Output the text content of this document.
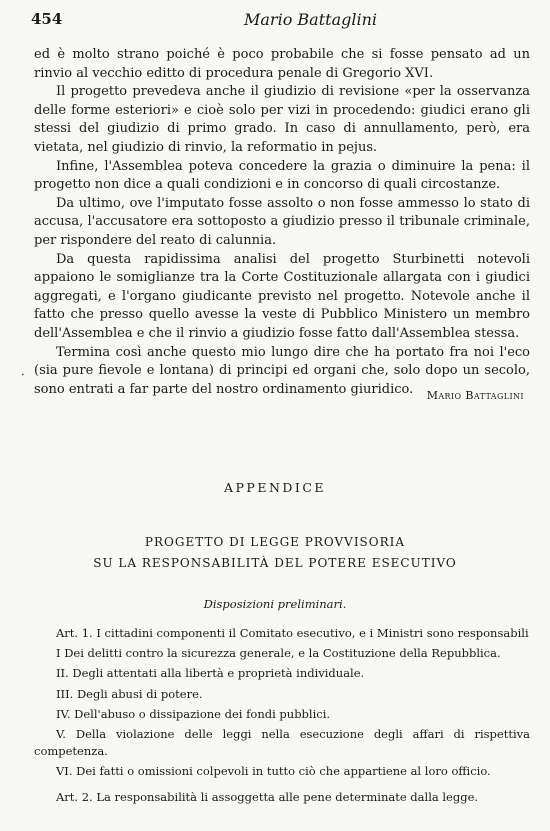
454	Mario Battaglini

ed è molto strano poiché è poco probabile che si fosse pensato ad un rinvio al vecchio editto di procedura penale di Gregorio XVI.

Il progetto prevedeva anche il giudizio di revisione «per la osservanza delle forme esteriori» e cioè solo per vizi in procedendo: giudici erano gli stessi del giudizio di primo grado. In caso di annullamento, però, era vietata, nel giudizio di rinvio, la reformatio in pejus.

Infine, l'Assemblea poteva concedere la grazia o diminuire la pena: il progetto non dice a quali condizioni e in concorso di quali circostanze.

Da ultimo, ove l'imputato fosse assolto o non fosse ammesso lo stato di accusa, l'accusatore era sottoposto a giudizio presso il tribunale criminale, per rispondere del reato di calunnia.

Da questa rapidissima analisi del progetto Sturbinetti notevoli appaiono le somiglianze tra la Corte Costituzionale allargata con i giudici aggregati, e l'organo giudicante previsto nel progetto. Notevole anche il fatto che presso quello avesse la veste di Pubblico Ministero un membro dell'Assemblea e che il rinvio a giudizio fosse fatto dall'Assemblea stessa.

Termina così anche questo mio lungo dire che ha portato fra noi l'eco (sia pure fievole e lontana) di principi ed organi che, solo dopo un secolo, sono entrati a far parte del nostro ordinamento giuridico.

•
Mario Battaglini
APPENDICE
PROGETTO DI LEGGE PROVVISORIA
SU LA RESPONSABILITÀ DEL POTERE ESECUTIVO
Disposizioni preliminari.

Art. 1. I cittadini componenti il Comitato esecutivo, e i Ministri sono responsabili

I Dei delitti contro la sicurezza generale, e la Costituzione della Repubblica.

II. Degli attentati alla libertà e proprietà individuale.

III. Degli abusi di potere.

IV. Dell'abuso o dissipazione dei fondi pubblici.

V. Della violazione delle leggi nella esecuzione degli affari di rispettiva competenza.

VI. Dei fatti o omissioni colpevoli in tutto ciò che appartiene al loro officio.

Art. 2. La responsabilità li assoggetta alle pene determinate dalla legge.
